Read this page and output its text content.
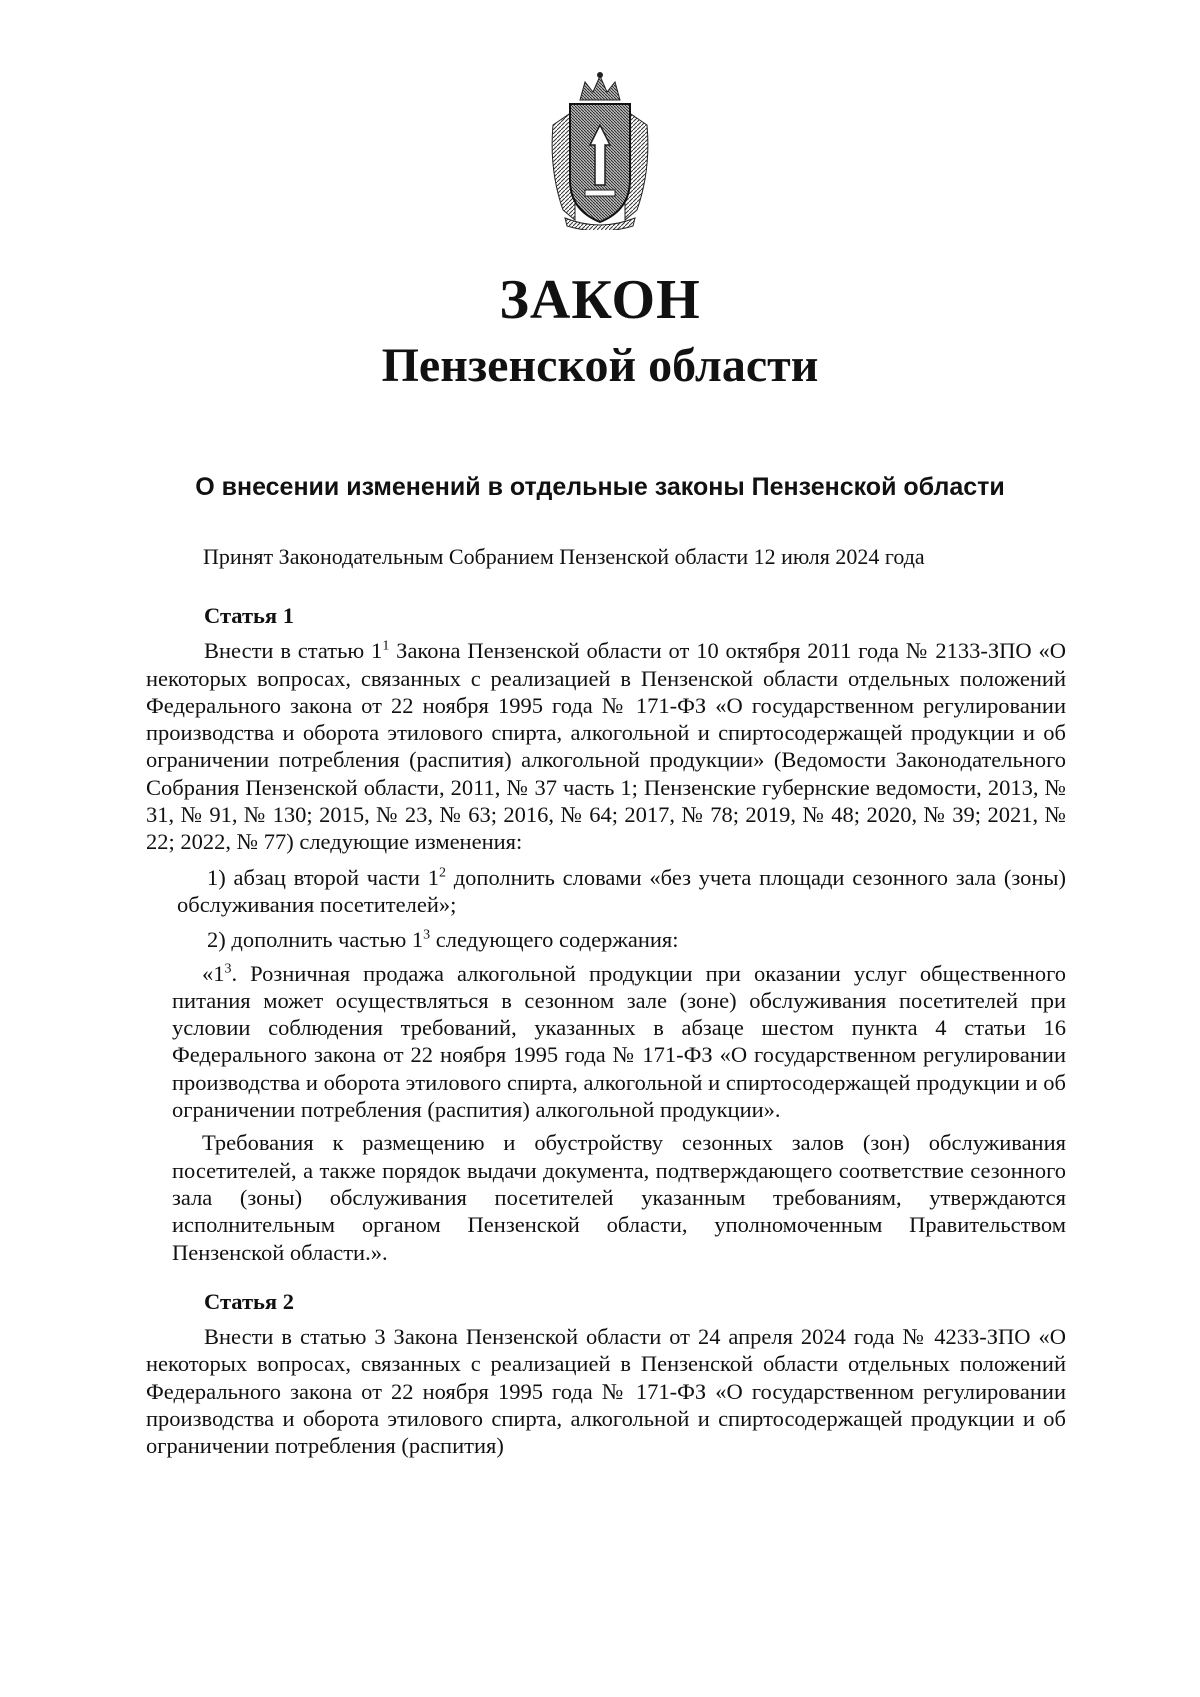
ЗАКОН
Пензенской области
О внесении изменений в отдельные законы Пензенской области

Принят Законодательным Собранием Пензенской области 12 июля 2024 года

Статья 1

Внести в статью $1^1$ Закона Пензенской области от 10 октября 2011 года № 2133-ЗПО «О некоторых вопросах, связанных с реализацией в Пензенской области отдельных положений Федерального закона от 22 ноября 1995 года № 171-ФЗ «О государственном регулировании производства и оборота этилового спирта, алкогольной и спиртосодержащей продукции и об ограничении потребления (распития) алкогольной продукции» (Ведомости Законодательного Собрания Пензенской области, 2011, № 37 часть 1; Пензенские губернские ведомости, 2013, № 31, № 91, № 130; 2015, № 23, № 63; 2016, № 64; 2017, № 78; 2019, № 48; 2020, № 39; 2021, № 22; 2022, № 77) следующие изменения:

1) абзац второй части $1^2$ дополнить словами «без учета площади сезонного зала (зоны) обслуживания посетителей»;

2) дополнить частью $1^3$ следующего содержания:

«$1^3$. Розничная продажа алкогольной продукции при оказании услуг общественного питания может осуществляться в сезонном зале (зоне) обслуживания посетителей при условии соблюдения требований, указанных в абзаце шестом пункта 4 статьи 16 Федерального закона от 22 ноября 1995 года № 171-ФЗ «О государственном регулировании производства и оборота этилового спирта, алкогольной и спиртосодержащей продукции и об ограничении потребления (распития) алкогольной продукции».

Требования к размещению и обустройству сезонных залов (зон) обслуживания посетителей, а также порядок выдачи документа, подтверждающего соответствие сезонного зала (зоны) обслуживания посетителей указанным требованиям, утверждаются исполнительным органом Пензенской области, уполномоченным Правительством Пензенской области.».

Статья 2

Внести в статью 3 Закона Пензенской области от 24 апреля 2024 года № 4233-ЗПО «О некоторых вопросах, связанных с реализацией в Пензенской области отдельных положений Федерального закона от 22 ноября 1995 года № 171-ФЗ «О государственном регулировании производства и оборота этилового спирта, алкогольной и спиртосодержащей продукции и об ограничении потребления (распития)
